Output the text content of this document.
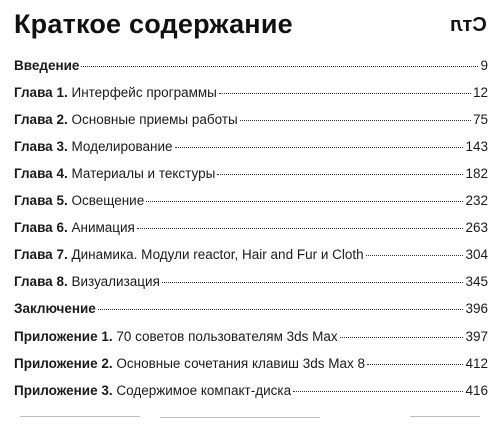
Краткое содержание	Стл
Введение	9
Глава 1. Интерфейс программы	12
Глава 2. Основные приемы работы	75
Глава 3. Моделирование	143
Глава 4. Материалы и текстуры	182
Глава 5. Освещение	232
Глава 6. Анимация	263
Глава 7. Динамика. Модули reactor, Hair and Fur и Cloth	304
Глава 8. Визуализация	345
Заключение	396
Приложение 1. 70 советов пользователям 3ds Max	397
Приложение 2. Основные сочетания клавиш 3ds Max 8	412
Приложение 3. Содержимое компакт-диска	416
